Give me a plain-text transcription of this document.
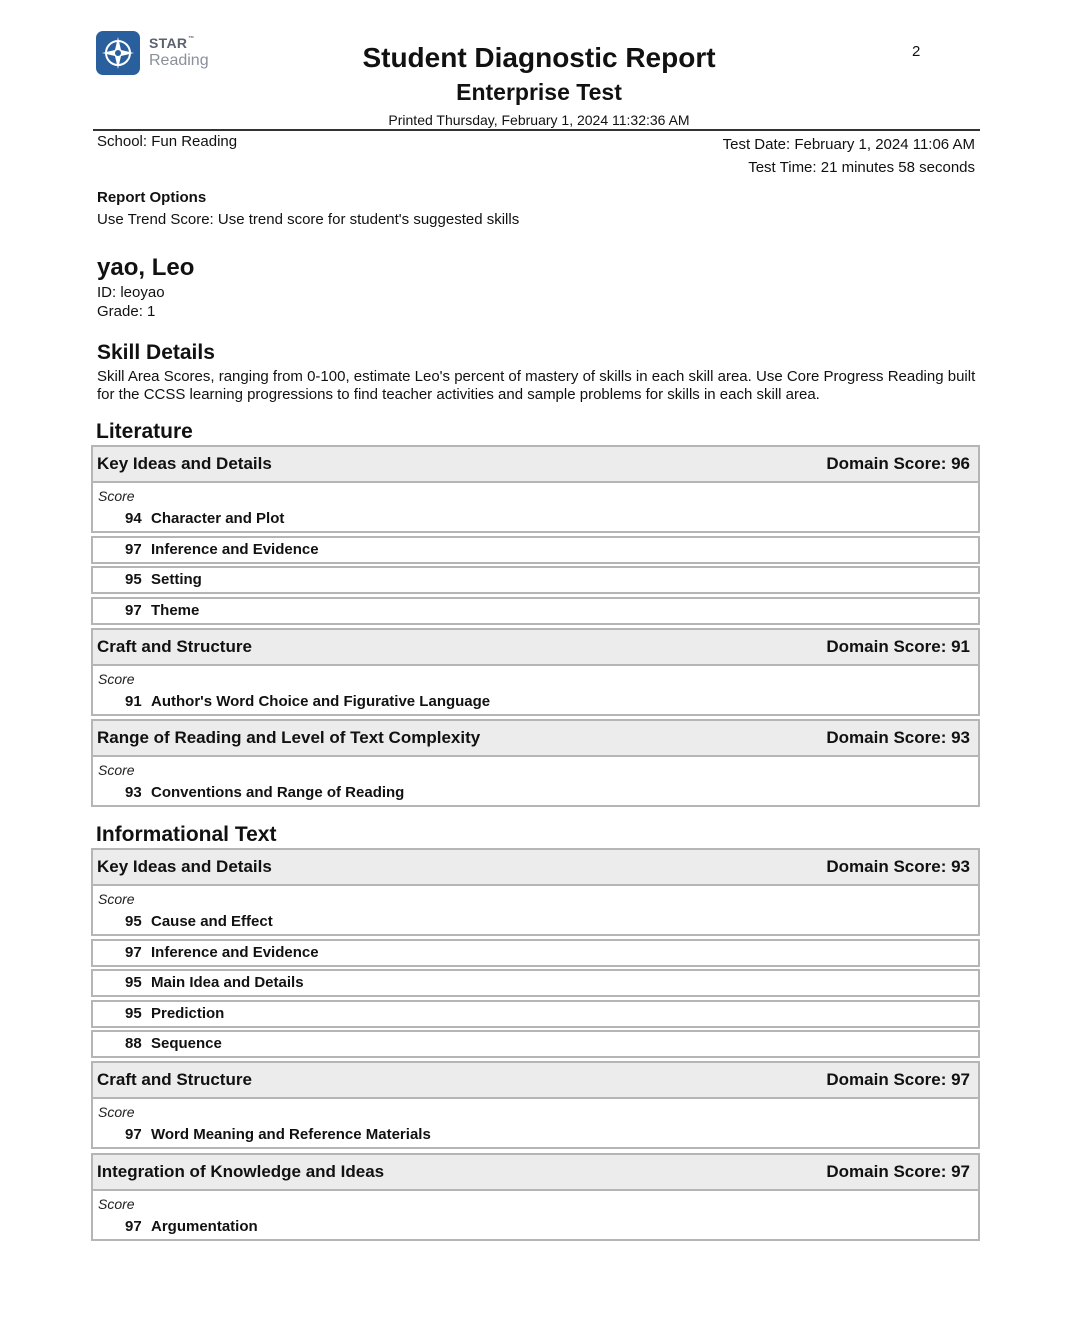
STAR™
Reading	Student Diagnostic Report
Enterprise Test
2
Printed Thursday, February 1, 2024 11:32:36 AM
School: Fun Reading	Test Date: February 1, 2024 11:06 AM
Test Time: 21 minutes 58 seconds
Report Options
Use Trend Score: Use trend score for student's suggested skills
yao, Leo
ID: leoyao
Grade: 1
Skill Details
Skill Area Scores, ranging from 0-100, estimate Leo's percent of mastery of skills in each skill area. Use Core Progress Reading built for the CCSS learning progressions to find teacher activities and sample problems for skills in each skill area.
Literature
Key Ideas and Details	Domain Score: 96
Score
94 Character and Plot
97 Inference and Evidence
95 Setting
97 Theme
Craft and Structure	Domain Score: 91
Score
91 Author's Word Choice and Figurative Language
Range of Reading and Level of Text Complexity	Domain Score: 93
Score
93 Conventions and Range of Reading
Informational Text
Key Ideas and Details	Domain Score: 93
Score
95 Cause and Effect
97 Inference and Evidence
95 Main Idea and Details
95 Prediction
88 Sequence
Craft and Structure	Domain Score: 97
Score
97 Word Meaning and Reference Materials
Integration of Knowledge and Ideas	Domain Score: 97
Score
97 Argumentation
